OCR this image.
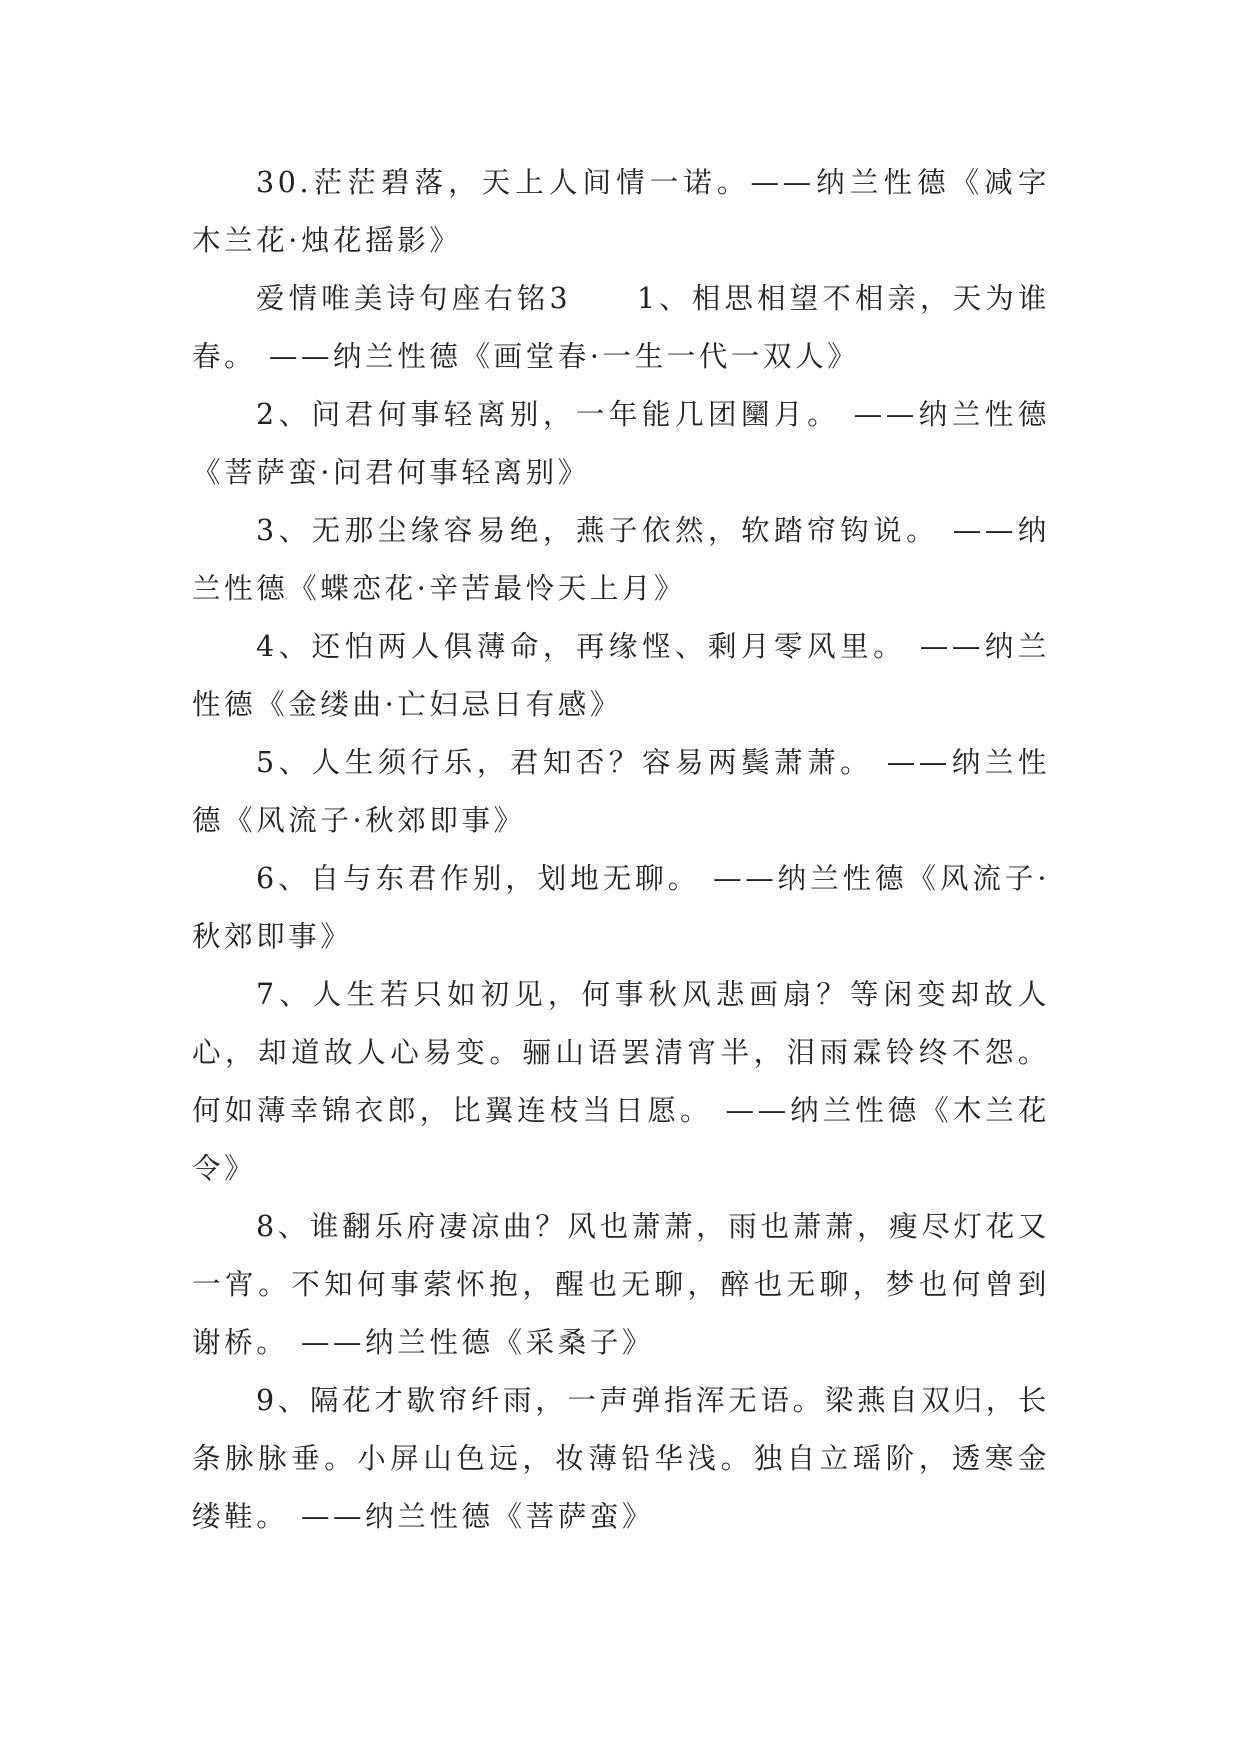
30.茫茫碧落，天上人间情一诺。——纳兰性德《减字木兰花·烛花摇影》

爱情唯美诗句座右铭3　　1、相思相望不相亲，天为谁春。 ——纳兰性德《画堂春·一生一代一双人》

2、问君何事轻离别，一年能几团圞月。 ——纳兰性德《菩萨蛮·问君何事轻离别》

3、无那尘缘容易绝，燕子依然，软踏帘钩说。 ——纳兰性德《蝶恋花·辛苦最怜天上月》

4、还怕两人俱薄命，再缘悭、剩月零风里。 ——纳兰性德《金缕曲·亡妇忌日有感》

5、人生须行乐，君知否？容易两鬓萧萧。 ——纳兰性德《风流子·秋郊即事》

6、自与东君作别，划地无聊。 ——纳兰性德《风流子·秋郊即事》

7、人生若只如初见，何事秋风悲画扇？等闲变却故人心，却道故人心易变。骊山语罢清宵半，泪雨霖铃终不怨。何如薄幸锦衣郎，比翼连枝当日愿。 ——纳兰性德《木兰花令》

8、谁翻乐府凄凉曲？风也萧萧，雨也萧萧，瘦尽灯花又一宵。不知何事萦怀抱，醒也无聊，醉也无聊，梦也何曾到谢桥。 ——纳兰性德《采桑子》

9、隔花才歇帘纤雨，一声弹指浑无语。梁燕自双归，长条脉脉垂。小屏山色远，妆薄铅华浅。独自立瑶阶，透寒金缕鞋。 ——纳兰性德《菩萨蛮》
